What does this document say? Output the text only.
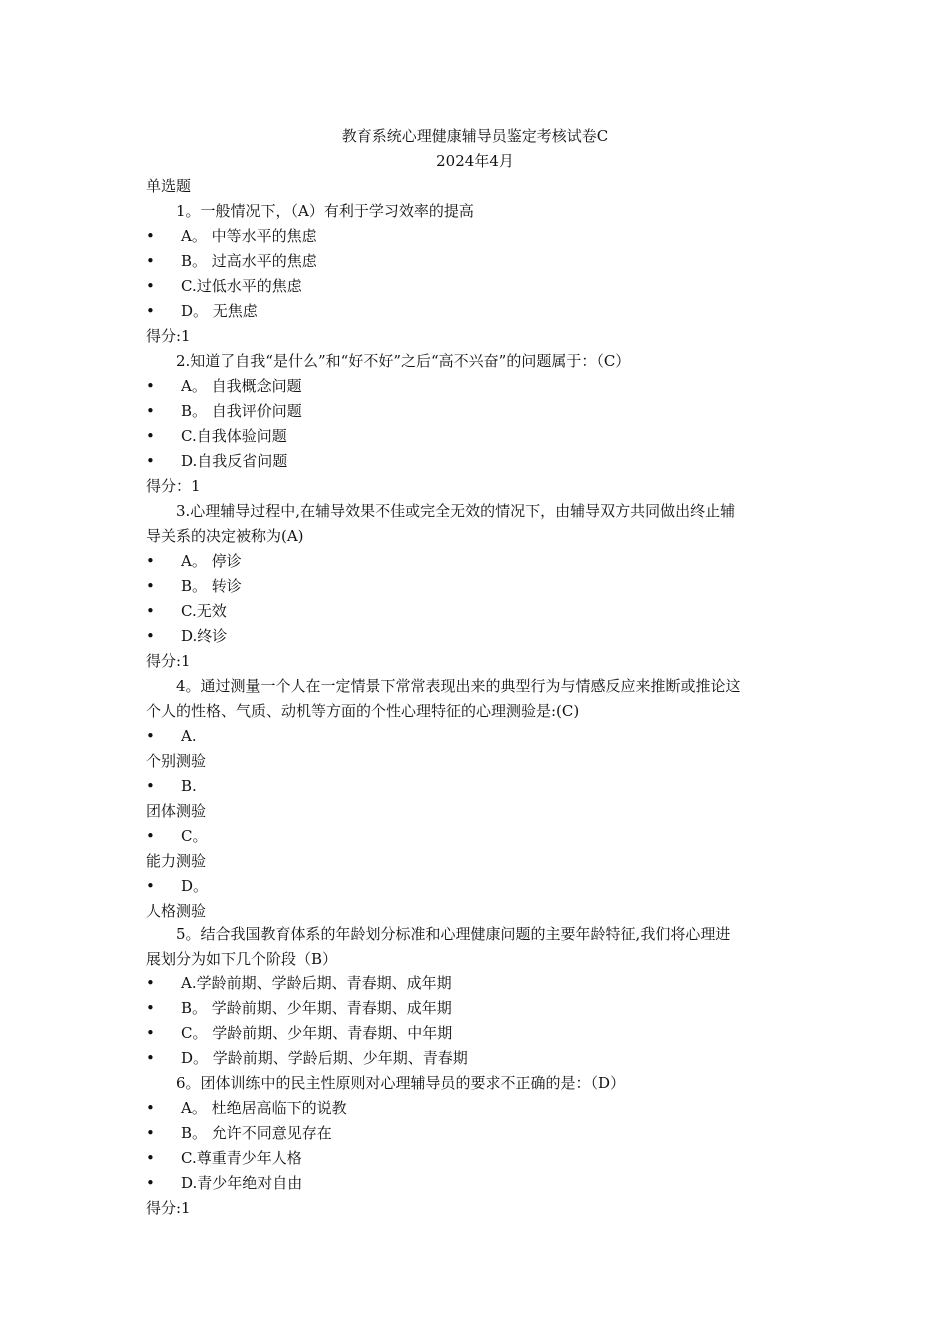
教育系统心理健康辅导员鉴定考核试卷C
2024年4月
单选题
1。一般情况下，（A）有利于学习效率的提高
• A。 中等水平的焦虑
• B。 过高水平的焦虑
• C.过低水平的焦虑
• D。 无焦虑
得分:1
2.知道了自我“是什么”和“好不好”之后“高不兴奋”的问题属于：（C）
• A。 自我概念问题
• B。 自我评价问题
• C.自我体验问题
• D.自我反省问题
得分：1
3.心理辅导过程中,在辅导效果不佳或完全无效的情况下，由辅导双方共同做出终止辅
导关系的决定被称为(A)
• A。 停诊
• B。 转诊
• C.无效
• D.终诊
得分:1
4。通过测量一个人在一定情景下常常表现出来的典型行为与情感反应来推断或推论这
个人的性格、气质、动机等方面的个性心理特征的心理测验是:(C)
• A.
个别测验
• B.
团体测验
• C。
能力测验
• D。
人格测验
5。结合我国教育体系的年龄划分标准和心理健康问题的主要年龄特征,我们将心理进
展划分为如下几个阶段（B）
• A.学龄前期、学龄后期、青春期、成年期
• B。 学龄前期、少年期、青春期、成年期
• C。 学龄前期、少年期、青春期、中年期
• D。 学龄前期、学龄后期、少年期、青春期
6。团体训练中的民主性原则对心理辅导员的要求不正确的是：（D）
• A。 杜绝居高临下的说教
• B。 允许不同意见存在
• C.尊重青少年人格
• D.青少年绝对自由
得分:1
